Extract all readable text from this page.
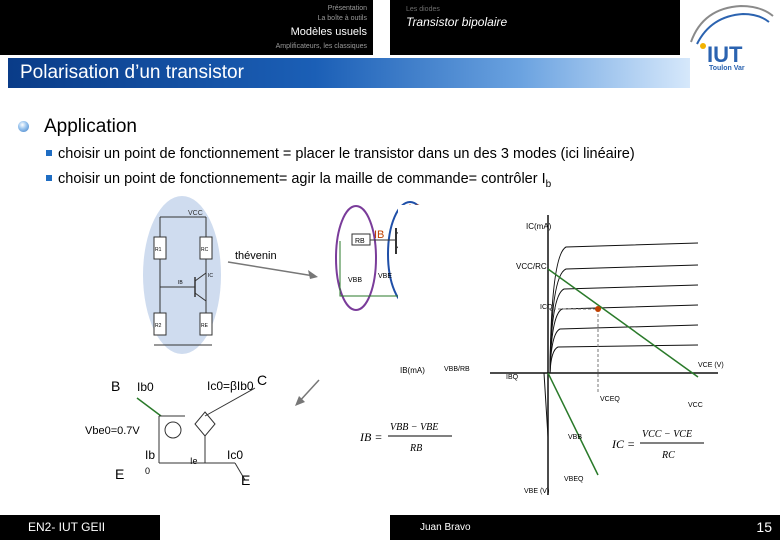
Présentation
La boîte à outils
Modèles usuels
Amplificateurs, les classiques
Les diodes
Transistor bipolaire
IUT
Toulon Var
Polarisation d’un transistor
Application
choisir un point de fonctionnement = placer le transistor dans un des 3 modes (ici linéaire)
choisir un point de fonctionnement= agir la maille de commande= contrôler $I_b$
VCC
R1	RC
R2	RE
IB
IC
thévenin
RB
IB
VBB
VBE
IC(mA)
VCC/RC
ICQ
VCE (V)
VCEQ
VCC
IB(mA)	VBB/RB
IBQ
VBB
VBE (V)
VBEQ
IB =
VBB − VBE
RB	IC =
VCC − VCE
RC
B Ib0	Ic0=βIb0 C
Vbe0=0.7V
Ib
0
Ie Ic0
E	E
EN2- IUT GEII	Juan Bravo	15
